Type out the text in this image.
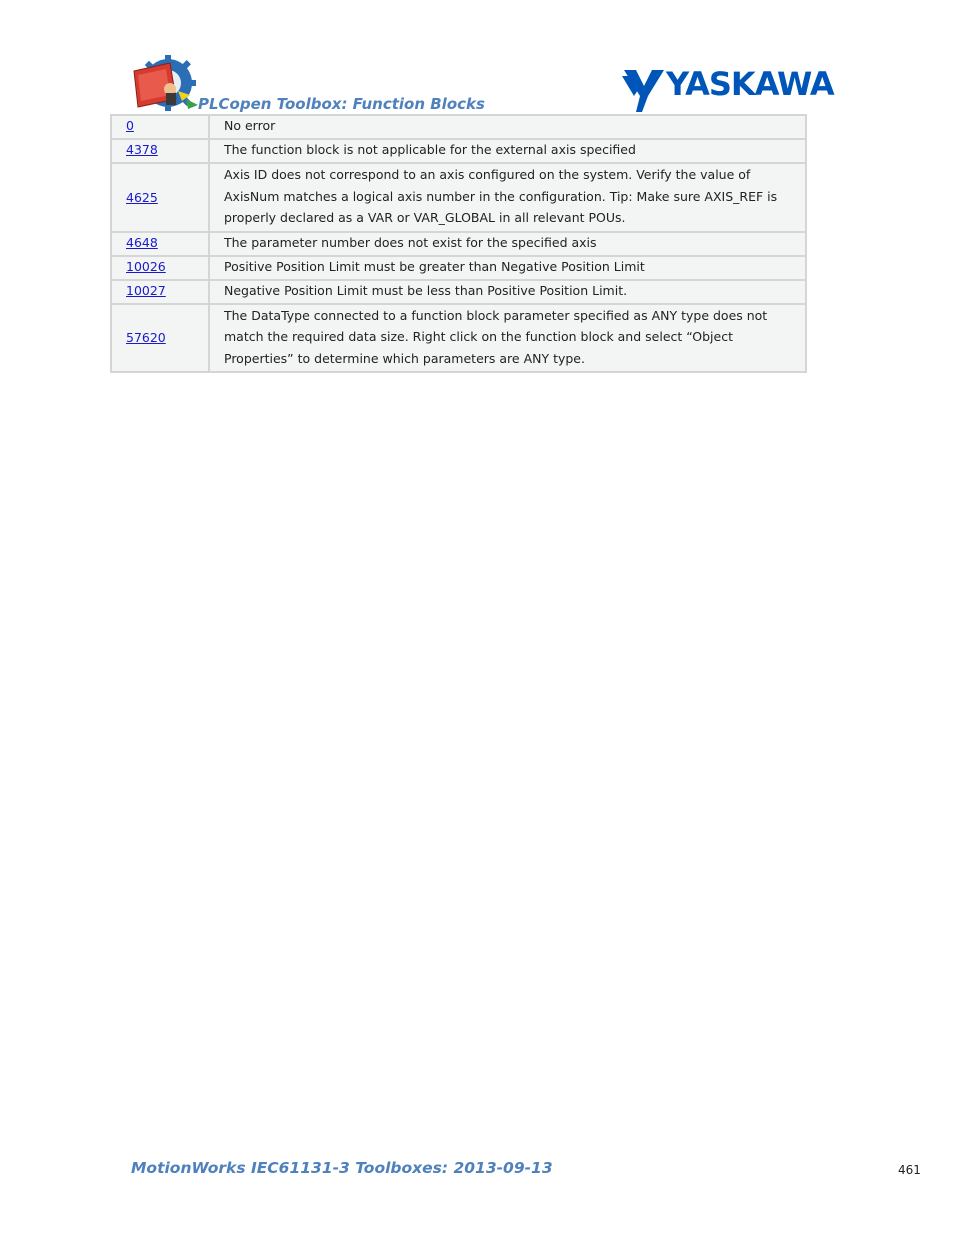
PLCopen Toolbox: Function Blocks
YASKAWA
0	No error
4378	The function block is not applicable for the external axis specified
4625	Axis ID does not correspond to an axis configured on the system. Verify the value of
AxisNum matches a logical axis number in the configuration. Tip: Make sure AXIS_REF is
properly declared as a VAR or VAR_GLOBAL in all relevant POUs.

4648	The parameter number does not exist for the specified axis
10026	Positive Position Limit must be greater than Negative Position Limit
10027	Negative Position Limit must be less than Positive Position Limit.
57620	The DataType connected to a function block parameter specified as ANY type does not
match the required data size. Right click on the function block and select “Object
Properties” to determine which parameters are ANY type.
MotionWorks IEC61131-3 Toolboxes: 2013-09-13	461
